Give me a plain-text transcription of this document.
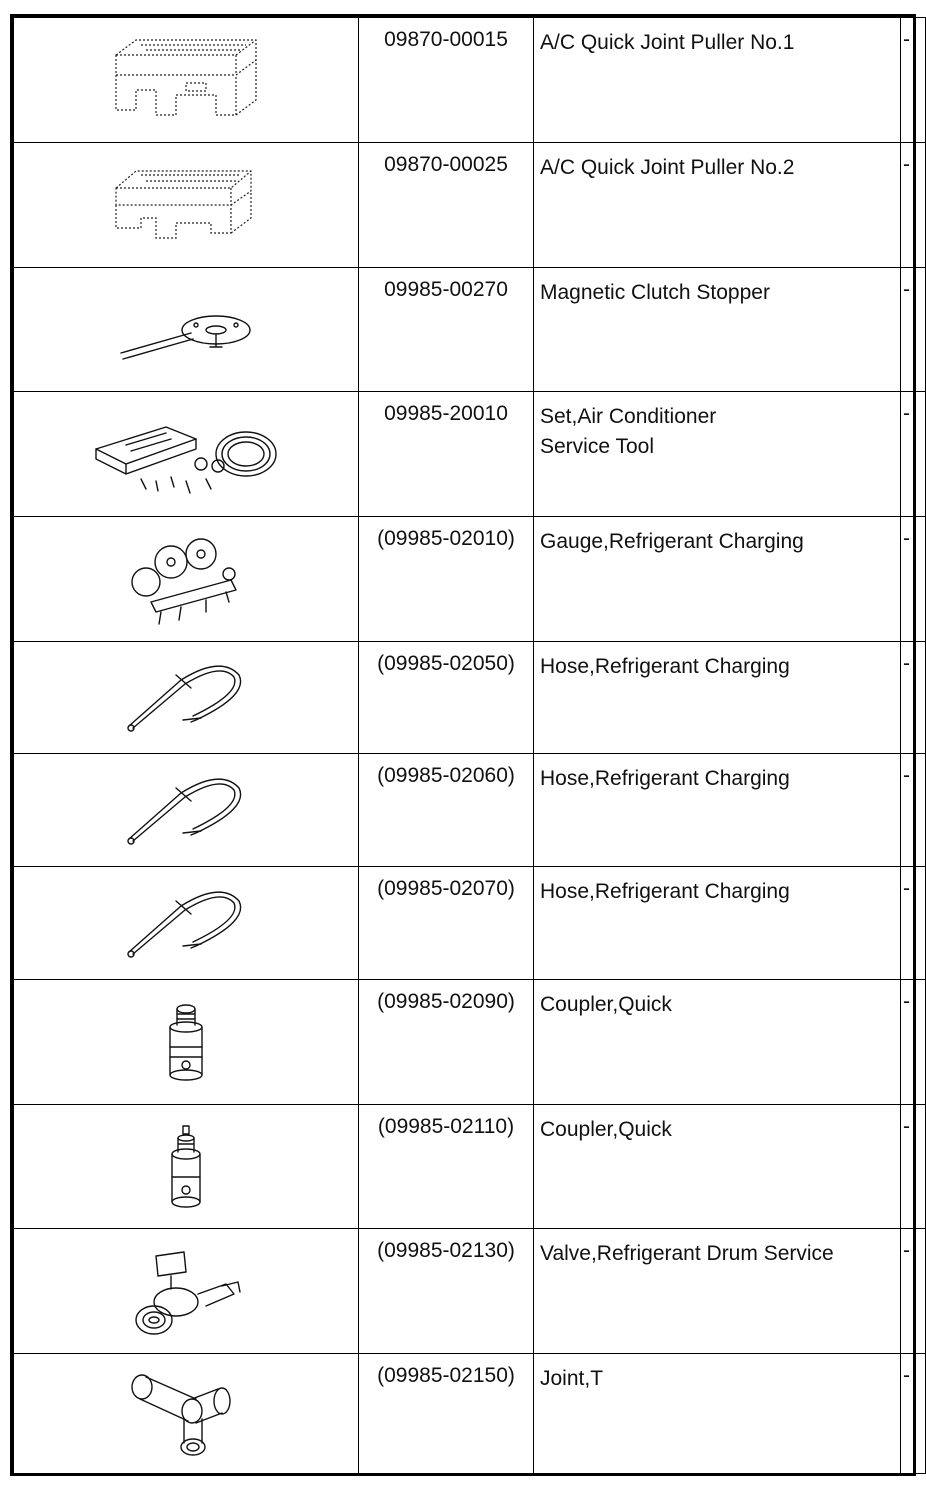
	09870-00015	A/C Quick Joint Puller No.1	-

	09870-00025	A/C Quick Joint Puller No.2	-

	09985-00270	Magnetic Clutch Stopper	-

	09985-20010	Set,Air Conditioner
Service Tool	-

	(09985-02010)	Gauge,Refrigerant Charging	-

	(09985-02050)	Hose,Refrigerant Charging	-

	(09985-02060)	Hose,Refrigerant Charging	-

	(09985-02070)	Hose,Refrigerant Charging	-

	(09985-02090)	Coupler,Quick	-

	(09985-02110)	Coupler,Quick	-

	(09985-02130)	Valve,Refrigerant Drum Service	-

	(09985-02150)	Joint,T	-
